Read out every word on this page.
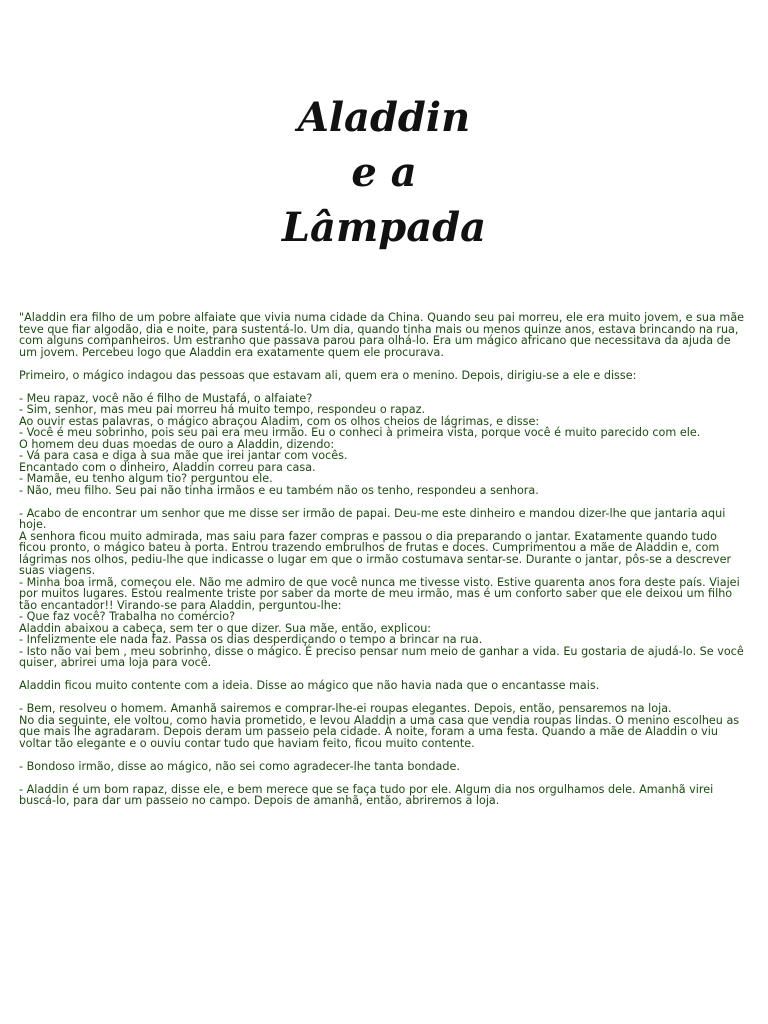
Aladdin
e a
Lâmpada

"Aladdin era filho de um pobre alfaiate que vivia numa cidade da China. Quando seu pai morreu, ele era muito jovem, e sua mãe teve que fiar algodão, dia e noite, para sustentá-lo. Um dia, quando tinha mais ou menos quinze anos, estava brincando na rua, com alguns companheiros. Um estranho que passava parou para olhá-lo. Era um mágico africano que necessitava da ajuda de um jovem. Percebeu logo que Aladdin era exatamente quem ele procurava.

Primeiro, o mágico indagou das pessoas que estavam ali, quem era o menino. Depois, dirigiu-se a ele e disse:

- Meu rapaz, você não é filho de Mustafá, o alfaiate?
- Sim, senhor, mas meu pai morreu há muito tempo, respondeu o rapaz.
Ao ouvir estas palavras, o mágico abraçou Aladim, com os olhos cheios de lágrimas, e disse:
- Você é meu sobrinho, pois seu pai era meu irmão. Eu o conheci à primeira vista, porque você é muito parecido com ele.
O homem deu duas moedas de ouro a Aladdin, dizendo:
- Vá para casa e diga à sua mãe que irei jantar com vocês.
Encantado com o dinheiro, Aladdin correu para casa.
- Mamãe, eu tenho algum tio? perguntou ele.
- Não, meu filho. Seu pai não tinha irmãos e eu também não os tenho, respondeu a senhora.

- Acabo de encontrar um senhor que me disse ser irmão de papai. Deu-me este dinheiro e mandou dizer-lhe que jantaria aqui hoje.
A senhora ficou muito admirada, mas saiu para fazer compras e passou o dia preparando o jantar. Exatamente quando tudo ficou pronto, o mágico bateu à porta. Entrou trazendo embrulhos de frutas e doces. Cumprimentou a mãe de Aladdin e, com lágrimas nos olhos, pediu-lhe que indicasse o lugar em que o irmão costumava sentar-se. Durante o jantar, pôs-se a descrever suas viagens.
- Minha boa irmã, começou ele. Não me admiro de que você nunca me tivesse visto. Estive quarenta anos fora deste país. Viajei por muitos lugares. Estou realmente triste por saber da morte de meu irmão, mas é um conforto saber que ele deixou um filho tão encantador!! Virando-se para Aladdin, perguntou-lhe:
- Que faz você? Trabalha no comércio?
Aladdin abaixou a cabeça, sem ter o que dizer. Sua mãe, então, explicou:
- Infelizmente ele nada faz. Passa os dias desperdiçando o tempo a brincar na rua.
- Isto não vai bem , meu sobrinho, disse o mágico. É preciso pensar num meio de ganhar a vida. Eu gostaria de ajudá-lo. Se você quiser, abrirei uma loja para você.

Aladdin ficou muito contente com a ideia. Disse ao mágico que não havia nada que o encantasse mais.

- Bem, resolveu o homem. Amanhã sairemos e comprar-lhe-ei roupas elegantes. Depois, então, pensaremos na loja.
No dia seguinte, ele voltou, como havia prometido, e levou Aladdin a uma casa que vendia roupas lindas. O menino escolheu as que mais lhe agradaram. Depois deram um passeio pela cidade. À noite, foram a uma festa. Quando a mãe de Aladdin o viu voltar tão elegante e o ouviu contar tudo que haviam feito, ficou muito contente.

- Bondoso irmão, disse ao mágico, não sei como agradecer-lhe tanta bondade.

- Aladdin é um bom rapaz, disse ele, e bem merece que se faça tudo por ele. Algum dia nos orgulhamos dele. Amanhã virei buscá-lo, para dar um passeio no campo. Depois de amanhã, então, abriremos a loja.
